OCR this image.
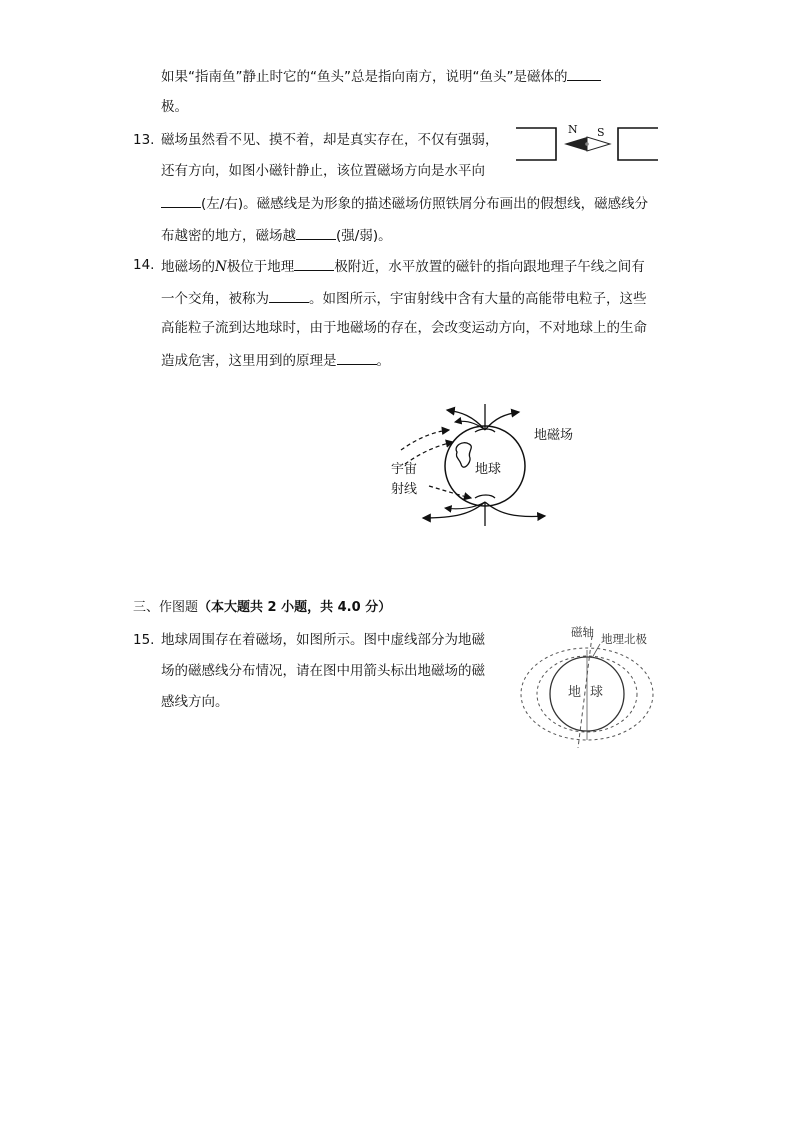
如果“指南鱼”静止时它的“鱼头”总是指向南方，说明“鱼头”是磁体的
极。
13. 磁场虽然看不见、摸不着，却是真实存在，不仅有强弱，
还有方向，如图小磁针静止，该位置磁场方向是水平向
(左/右)。磁感线是为形象的描述磁场仿照铁屑分布画出的假想线，磁感线分
布越密的地方，磁场越	(强/弱)。
N S
14. 地磁场的N极位于地理	极附近，水平放置的磁针的指向跟地理子午线之间有
一个交角，被称为	。如图所示，宇宙射线中含有大量的高能带电粒子，这些
高能粒子流到达地球时，由于地磁场的存在，会改变运动方向，不对地球上的生命
造成危害，这里用到的原理是	。
地磁场
宇宙
射线
地球
三、作图题（本大题共 2 小题，共 4.0 分）
15. 地球周围存在着磁场，如图所示。图中虚线部分为地磁
场的磁感线分布情况，请在图中用箭头标出地磁场的磁
感线方向。
磁轴 地理北极
地 球
